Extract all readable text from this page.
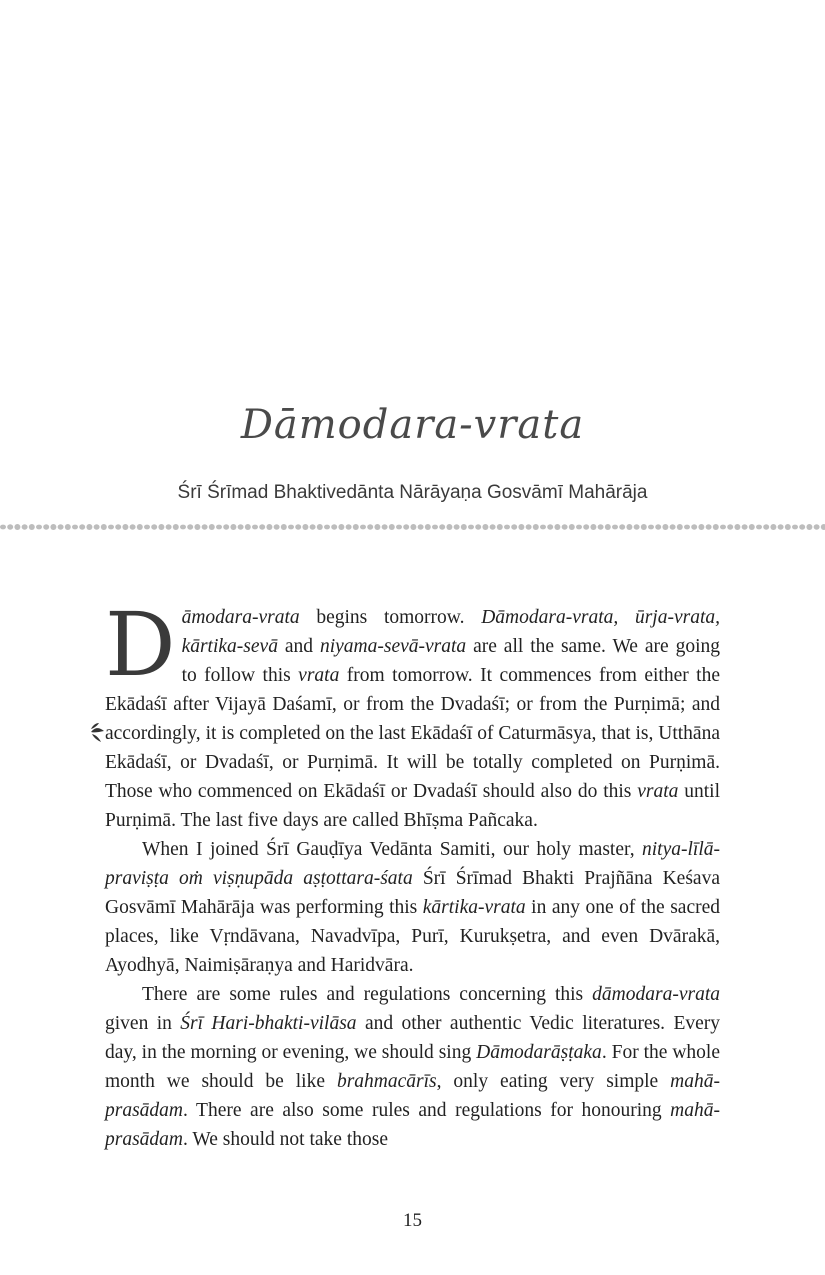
Dāmodara-vrata
Śrī Śrīmad Bhaktivedānta Nārāyaṇa Gosvāmī Mahārāja

Dāmodara-vrata begins tomorrow. Dāmodara-vrata, ūrja-vrata, kārtika-sevā and niyama-sevā-vrata are all the same. We are going to follow this vrata from tomorrow. It commences from either the Ekādaśī after Vijayā Daśamī, or from the Dvadaśī; or from the Purṇimā; and accordingly, it is completed on the last Ekādaśī of Caturmāsya, that is, Utthāna Ekādaśī, or Dvadaśī, or Purṇimā. It will be totally completed on Purṇimā. Those who commenced on Ekādaśī or Dvadaśī should also do this vrata until Purṇimā. The last five days are called Bhīṣma Pañcaka.

When I joined Śrī Gauḍīya Vedānta Samiti, our holy master, nitya-līlā-praviṣṭa oṁ viṣṇupāda aṣṭottara-śata Śrī Śrīmad Bhakti Prajñāna Keśava Gosvāmī Mahārāja was performing this kārtika-vrata in any one of the sacred places, like Vṛndāvana, Navadvīpa, Purī, Kurukṣetra, and even Dvārakā, Ayodhyā, Naimiṣāraṇya and Haridvāra.

There are some rules and regulations concerning this dāmodara-vrata given in Śrī Hari-bhakti-vilāsa and other authentic Vedic literatures. Every day, in the morning or evening, we should sing Dāmodarāṣṭaka. For the whole month we should be like brahmacārīs, only eating very simple mahā-prasādam. There are also some rules and regulations for honouring mahā-prasādam. We should not take those

15
